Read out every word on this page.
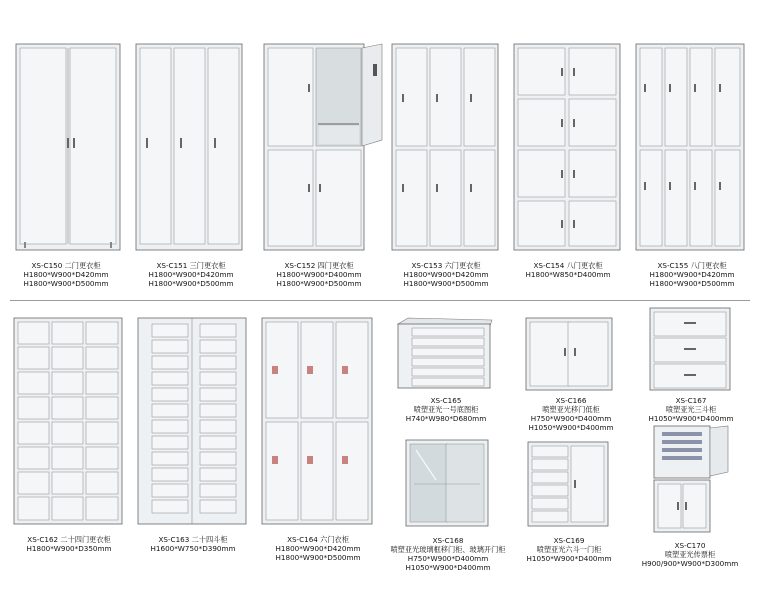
XS-C150 二门更衣柜
H1800*W900*D420mm
H1800*W900*D500mm
XS-C151 三门更衣柜
H1800*W900*D420mm
H1800*W900*D500mm
XS-C152 四门更衣柜
H1800*W900*D400mm
H1800*W900*D500mm
XS-C153 六门更衣柜
H1800*W900*D420mm
H1800*W900*D500mm
XS-C154 八门更衣柜
H1800*W850*D400mm
XS-C155 八门更衣柜
H1800*W900*D420mm
H1800*W900*D500mm
XS-C162 二十四门更衣柜
H1800*W900*D350mm
XS-C163 二十四斗柜
H1600*W750*D390mm
XS-C164 六门衣柜
H1800*W900*D420mm
H1800*W900*D500mm
XS-C165
喷塑亚光一号底图柜
H740*W980*D680mm
XS-C166
喷塑亚光移门低柜
H750*W900*D400mm
H1050*W900*D400mm
XS-C167
喷塑亚光三斗柜
H1050*W900*D400mm
XS-C168
喷塑亚光玻璃框移门柜、玻璃开门柜
H750*W900*D400mm
H1050*W900*D400mm
XS-C169
喷塑亚光六斗一门柜
H1050*W900*D400mm
XS-C170
喷塑亚光传票柜
H900/900*W900*D300mm
